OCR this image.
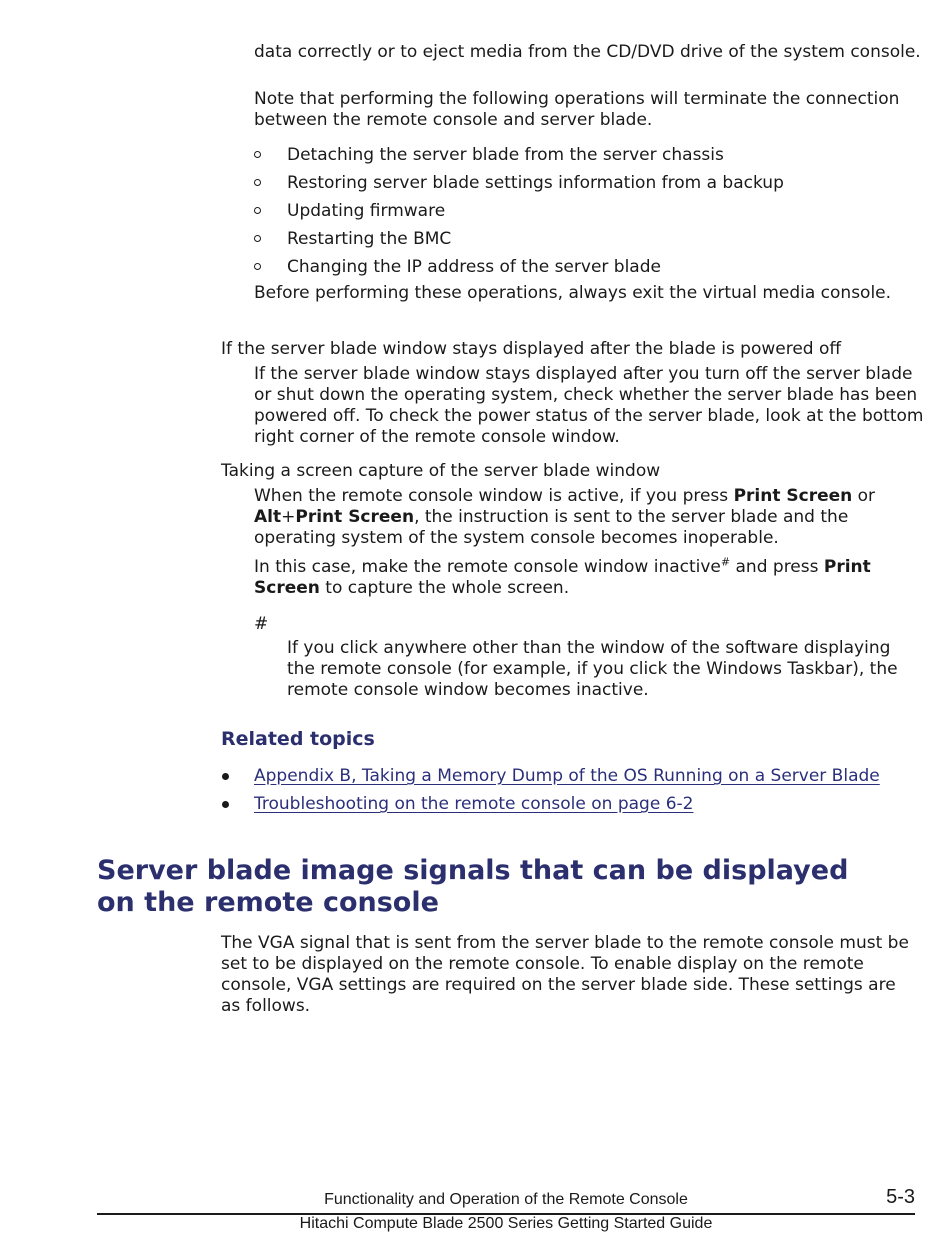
data correctly or to eject media from the CD/DVD drive of the system console.

Note that performing the following operations will terminate the connection between the remote console and server blade.

Detaching the server blade from the server chassis

Restoring server blade settings information from a backup

Updating firmware

Restarting the BMC

Changing the IP address of the server blade

Before performing these operations, always exit the virtual media console.

If the server blade window stays displayed after the blade is powered off

If the server blade window stays displayed after you turn off the server blade or shut down the operating system, check whether the server blade has been powered off. To check the power status of the server blade, look at the bottom right corner of the remote console window.

Taking a screen capture of the server blade window

When the remote console window is active, if you press Print Screen or Alt+Print Screen, the instruction is sent to the server blade and the operating system of the system console becomes inoperable.

In this case, make the remote console window inactive# and press Print Screen to capture the whole screen.

#

If you click anywhere other than the window of the software displaying the remote console (for example, if you click the Windows Taskbar), the remote console window becomes inactive.

Related topics

Appendix B, Taking a Memory Dump of the OS Running on a Server Blade
Troubleshooting on the remote console on page 6-2
Server blade image signals that can be displayed on the remote console

The VGA signal that is sent from the server blade to the remote console must be set to be displayed on the remote console. To enable display on the remote console, VGA settings are required on the server blade side. These settings are as follows.

Functionality and Operation of the Remote Console	5-3

Hitachi Compute Blade 2500 Series Getting Started Guide
